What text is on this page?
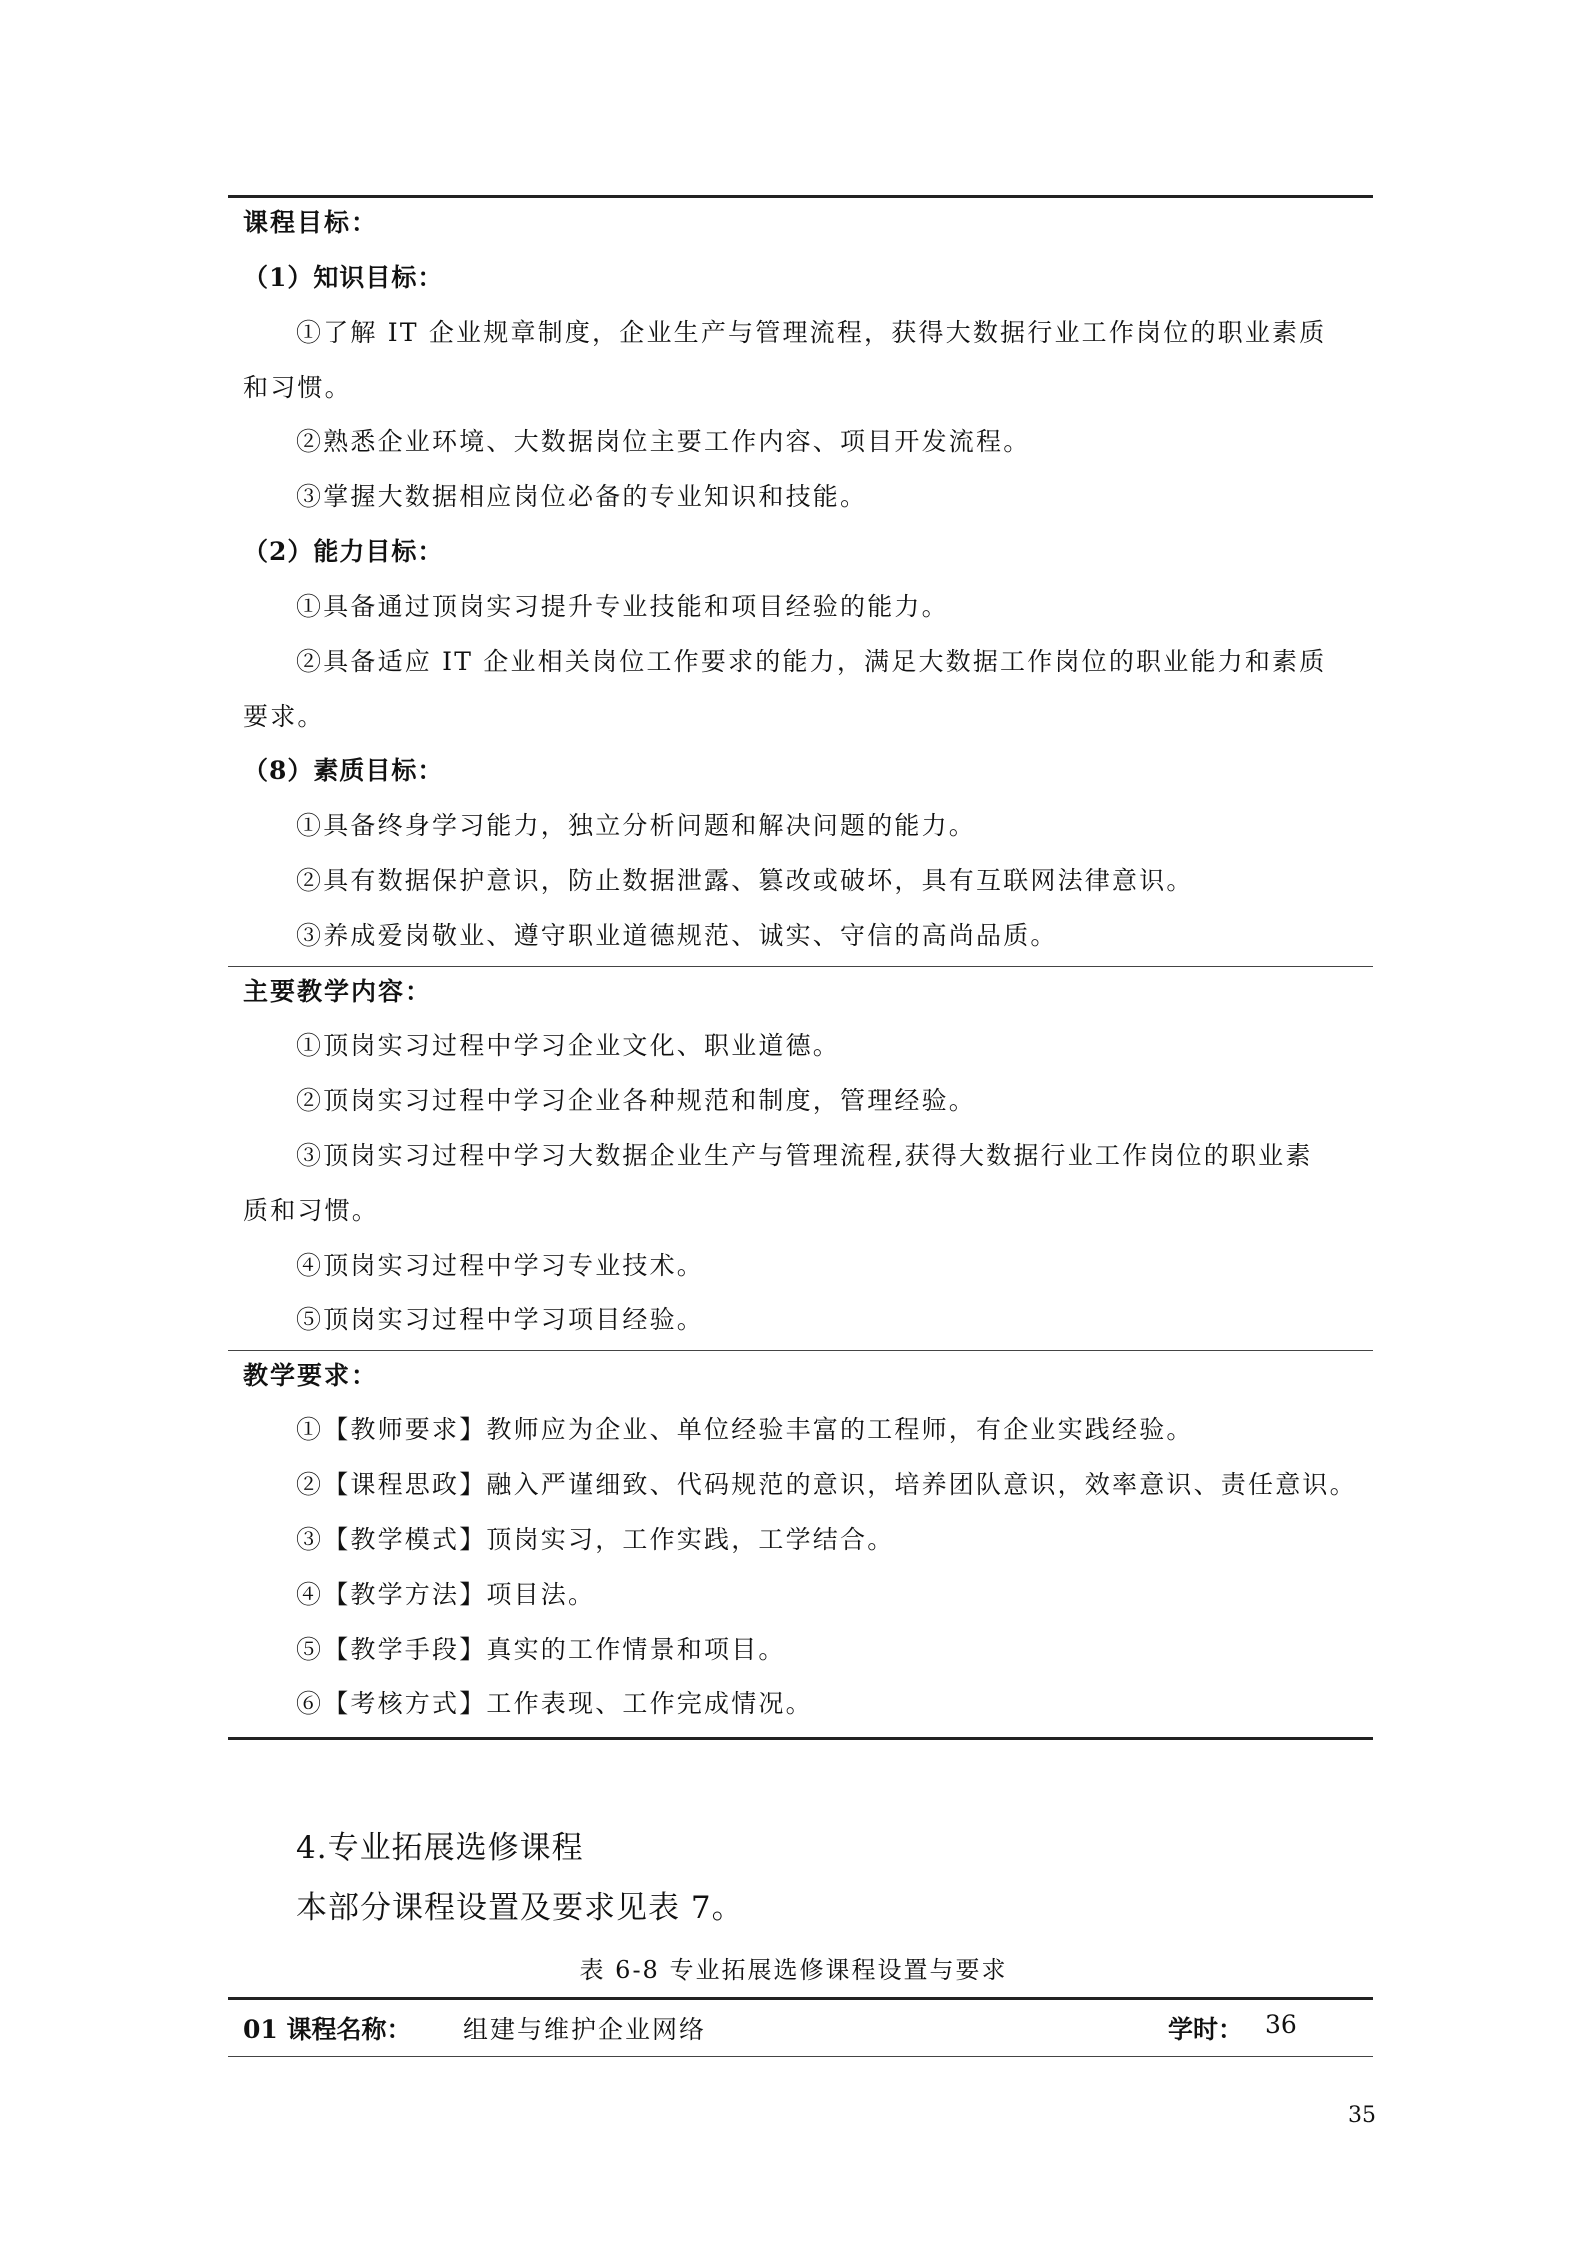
课程目标：
（1）知识目标：
①了解 IT 企业规章制度，企业生产与管理流程，获得大数据行业工作岗位的职业素质
和习惯。
②熟悉企业环境、大数据岗位主要工作内容、项目开发流程。
③掌握大数据相应岗位必备的专业知识和技能。
（2）能力目标：
①具备通过顶岗实习提升专业技能和项目经验的能力。
②具备适应 IT 企业相关岗位工作要求的能力，满足大数据工作岗位的职业能力和素质
要求。
（8）素质目标：
①具备终身学习能力，独立分析问题和解决问题的能力。
②具有数据保护意识，防止数据泄露、篡改或破坏，具有互联网法律意识。
③养成爱岗敬业、遵守职业道德规范、诚实、守信的高尚品质。
主要教学内容：
①顶岗实习过程中学习企业文化、职业道德。
②顶岗实习过程中学习企业各种规范和制度，管理经验。
③顶岗实习过程中学习大数据企业生产与管理流程,获得大数据行业工作岗位的职业素
质和习惯。
④顶岗实习过程中学习专业技术。
⑤顶岗实习过程中学习项目经验。
教学要求：
①【教师要求】教师应为企业、单位经验丰富的工程师，有企业实践经验。
②【课程思政】融入严谨细致、代码规范的意识，培养团队意识，效率意识、责任意识。
③【教学模式】顶岗实习，工作实践，工学结合。
④【教学方法】项目法。
⑤【教学手段】真实的工作情景和项目。
⑥【考核方式】工作表现、工作完成情况。
4.专业拓展选修课程
本部分课程设置及要求见表 7。
表 6-8 专业拓展选修课程设置与要求
01 课程名称： 组建与维护企业网络	学时： 36
35
